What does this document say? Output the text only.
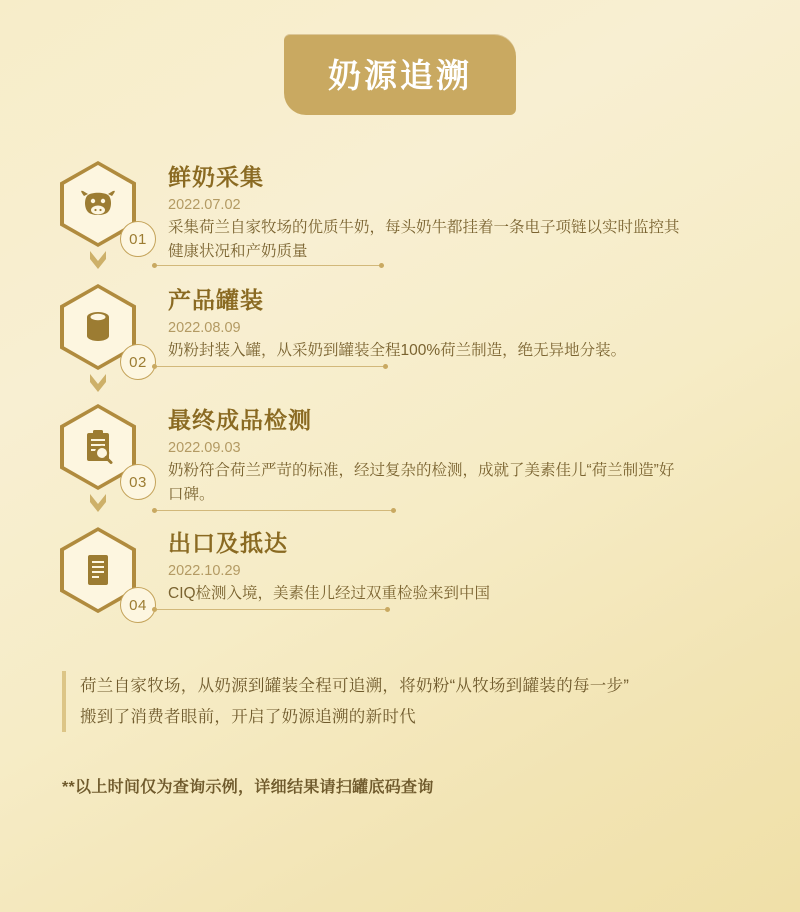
奶源追溯
01
鲜奶采集
2022.07.02
采集荷兰自家牧场的优质牛奶，每头奶牛都挂着一条电子项链以实时监控其健康状况和产奶质量
02
产品罐装
2022.08.09
奶粉封装入罐，从采奶到罐装全程100%荷兰制造，绝无异地分装。
03
最终成品检测
2022.09.03
奶粉符合荷兰严苛的标准，经过复杂的检测，成就了美素佳儿“荷兰制造”好口碑。
04
出口及抵达
2022.10.29
CIQ检测入境，美素佳儿经过双重检验来到中国

荷兰自家牧场，从奶源到罐装全程可追溯，将奶粉“从牧场到罐装的每一步”

搬到了消费者眼前，开启了奶源追溯的新时代

**以上时间仅为查询示例，详细结果请扫罐底码查询
